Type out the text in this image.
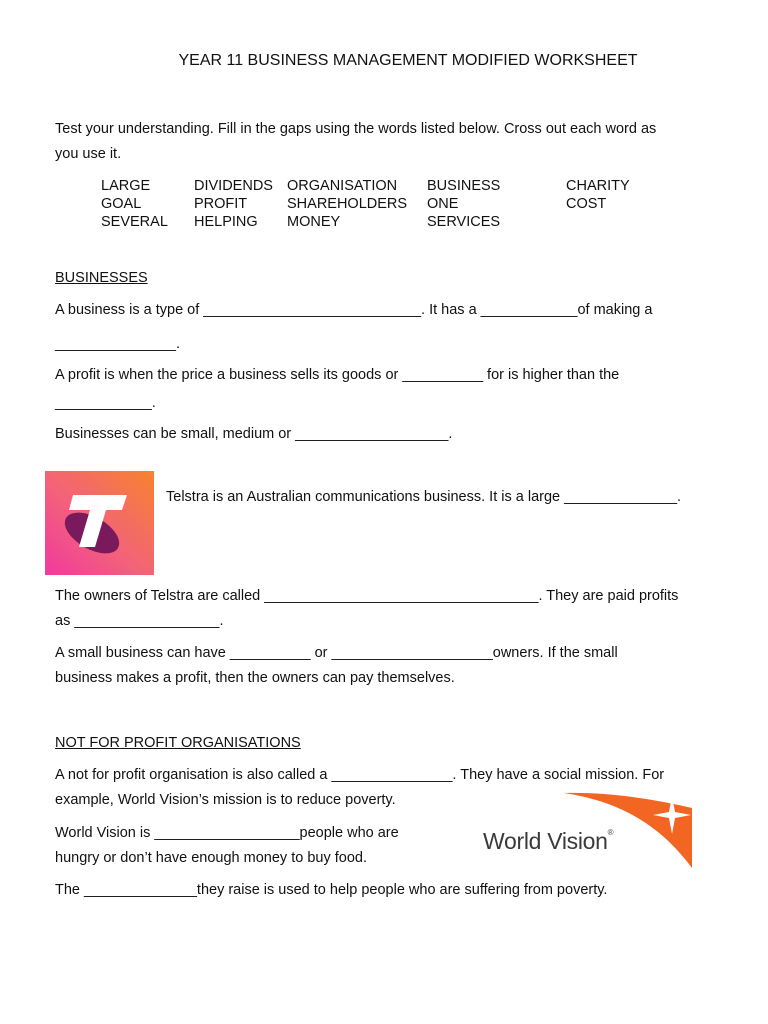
YEAR 11 BUSINESS MANAGEMENT MODIFIED WORKSHEET
Test your understanding. Fill in the gaps using the words listed below. Cross out each word as
you use it.
LARGE
GOAL
SEVERAL
DIVIDENDS
PROFIT
HELPING
ORGANISATION
SHAREHOLDERS
MONEY
BUSINESS
ONE
SERVICES
CHARITY
COST
BUSINESSES
A business is a type of ___________________________. It has a ____________of making a
_______________.
A profit is when the price a business sells its goods or __________ for is higher than the
____________.
Businesses can be small, medium or ___________________.
Telstra is an Australian communications business. It is a large ______________.
The owners of Telstra are called __________________________________. They are paid profits
as __________________.
A small business can have __________ or ____________________owners. If the small
business makes a profit, then the owners can pay themselves.
NOT FOR PROFIT ORGANISATIONS
A not for profit organisation is also called a _______________. They have a social mission. For
example, World Vision’s mission is to reduce poverty.
World Vision is __________________people who are
hungry or don’t have enough money to buy food.
The ______________they raise is used to help people who are suffering from poverty.
World Vision®
